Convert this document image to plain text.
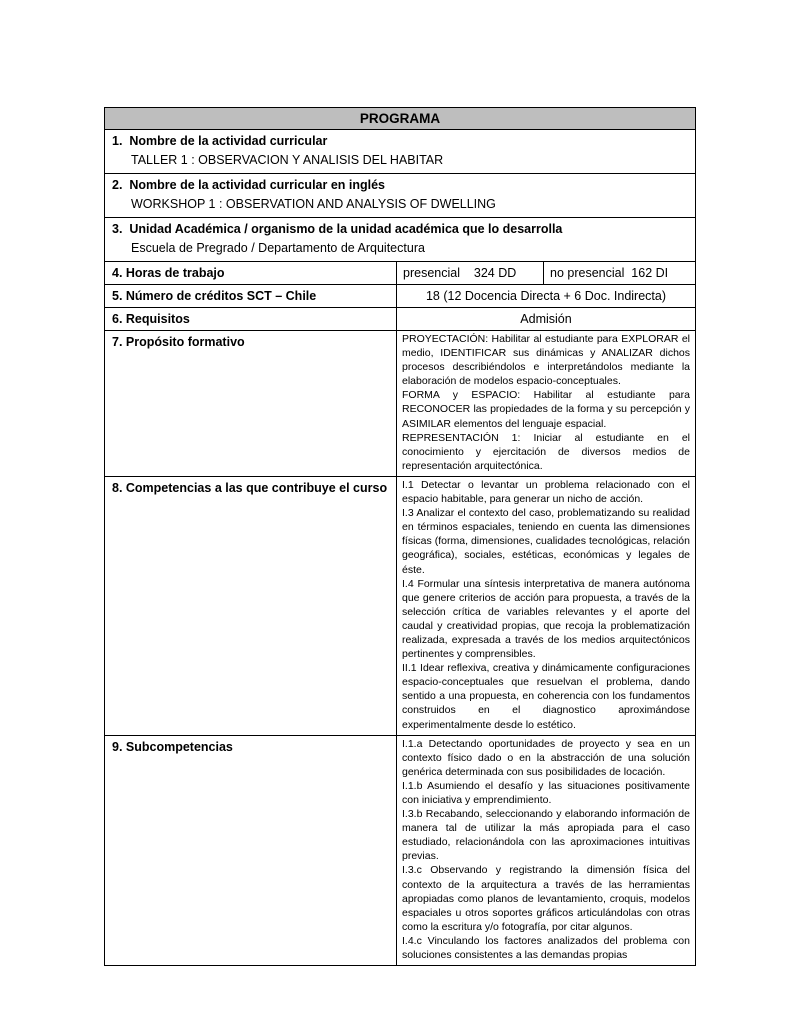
PROGRAMA
1.  Nombre de la actividad curricular
TALLER 1 : OBSERVACION Y ANALISIS DEL HABITAR
2.  Nombre de la actividad curricular en inglés
WORKSHOP 1 : OBSERVATION AND ANALYSIS OF DWELLING
3.  Unidad Académica / organismo de la unidad académica que lo desarrolla
Escuela de Pregrado / Departamento de Arquitectura
4. Horas de trabajo	presencial    324 DD	no presencial  162 DI
5. Número de créditos SCT – Chile	18 (12 Docencia Directa + 6 Doc. Indirecta)
6. Requisitos	Admisión
7. Propósito formativo	PROYECTACIÓN: Habilitar al estudiante para EXPLORAR el medio, IDENTIFICAR sus dinámicas y ANALIZAR dichos procesos describiéndolos e interpretándolos mediante la elaboración de modelos espacio-conceptuales.

FORMA y ESPACIO: Habilitar al estudiante para RECONOCER las propiedades de la forma y su percepción y ASIMILAR elementos del lenguaje espacial.

REPRESENTACIÓN 1: Iniciar al estudiante en el conocimiento y ejercitación de diversos medios de representación arquitectónica.

8. Competencias a las que contribuye el curso	I.1 Detectar o levantar un problema relacionado con el espacio habitable, para generar un nicho de acción.

I.3 Analizar el contexto del caso, problematizando su realidad en términos espaciales, teniendo en cuenta las dimensiones físicas (forma, dimensiones, cualidades tecnológicas, relación geográfica), sociales, estéticas, económicas y legales de éste.

I.4 Formular una síntesis interpretativa de manera autónoma que genere criterios de acción para propuesta, a través de la selección crítica de variables relevantes y el aporte del caudal y creatividad propias, que recoja la problematización realizada, expresada a través de los medios arquitectónicos pertinentes y comprensibles.

II.1 Idear reflexiva, creativa y dinámicamente configuraciones espacio-conceptuales que resuelvan el problema, dando sentido a una propuesta, en coherencia con los fundamentos construidos en el diagnostico aproximándose experimentalmente desde lo estético.

9. Subcompetencias	I.1.a Detectando oportunidades de proyecto y sea en un contexto físico dado o en la abstracción de una solución genérica determinada con sus posibilidades de locación.

I.1.b Asumiendo el desafío y las situaciones positivamente con iniciativa y emprendimiento.

I.3.b Recabando, seleccionando y elaborando información de manera tal de utilizar la más apropiada para el caso estudiado, relacionándola con las aproximaciones intuitivas previas.

I.3.c Observando y registrando la dimensión física del contexto de la arquitectura a través de las herramientas apropiadas como planos de levantamiento, croquis, modelos espaciales u otros soportes gráficos articulándolas con otras como la escritura y/o fotografía, por citar algunos.

I.4.c Vinculando los factores analizados del problema con soluciones consistentes a las demandas propias
